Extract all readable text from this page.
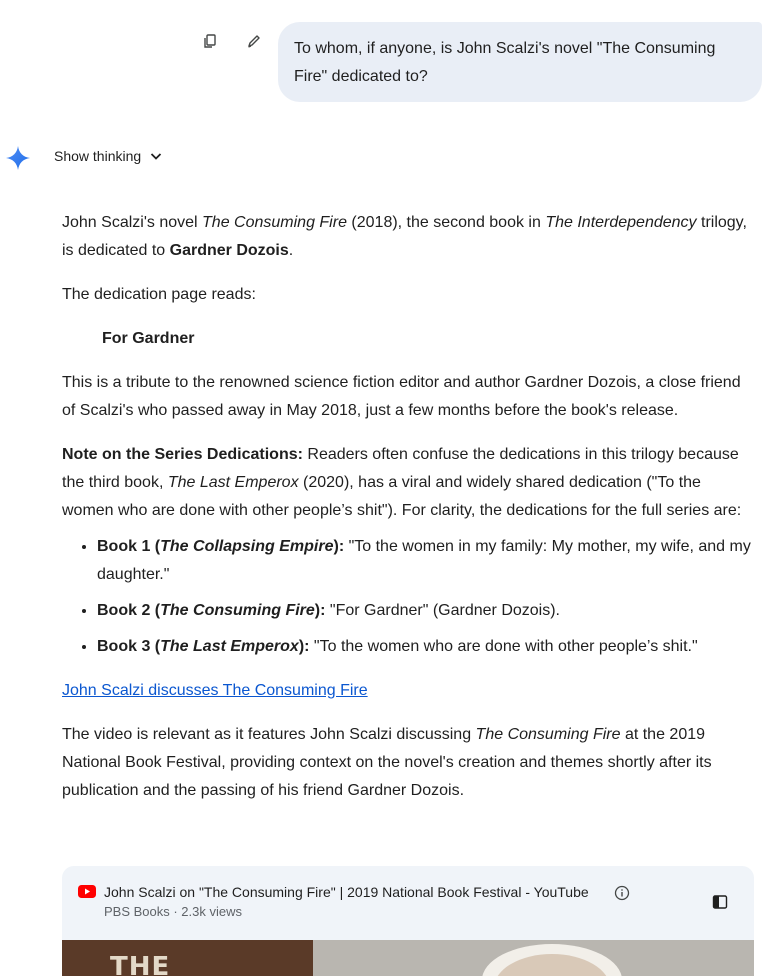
To whom, if anyone, is John Scalzi's novel "The Consuming Fire" dedicated to?
Show thinking

John Scalzi's novel The Consuming Fire (2018), the second book in The Interdependency trilogy, is dedicated to Gardner Dozois.

The dedication page reads:

For Gardner

This is a tribute to the renowned science fiction editor and author Gardner Dozois, a close friend of Scalzi's who passed away in May 2018, just a few months before the book's release.

Note on the Series Dedications: Readers often confuse the dedications in this trilogy because the third book, The Last Emperox (2020), has a viral and widely shared dedication ("To the women who are done with other people’s shit"). For clarity, the dedications for the full series are:

• Book 1 (The Collapsing Empire): "To the women in my family: My mother, my wife, and my daughter."
• Book 2 (The Consuming Fire): "For Gardner" (Gardner Dozois).
• Book 3 (The Last Emperox): "To the women who are done with other people’s shit."

John Scalzi discusses The Consuming Fire

The video is relevant as it features John Scalzi discussing The Consuming Fire at the 2019 National Book Festival, providing context on the novel's creation and themes shortly after its publication and the passing of his friend Gardner Dozois.

John Scalzi on "The Consuming Fire" | 2019 National Book Festival - YouTube
PBS Books · 2.3k views
THE
